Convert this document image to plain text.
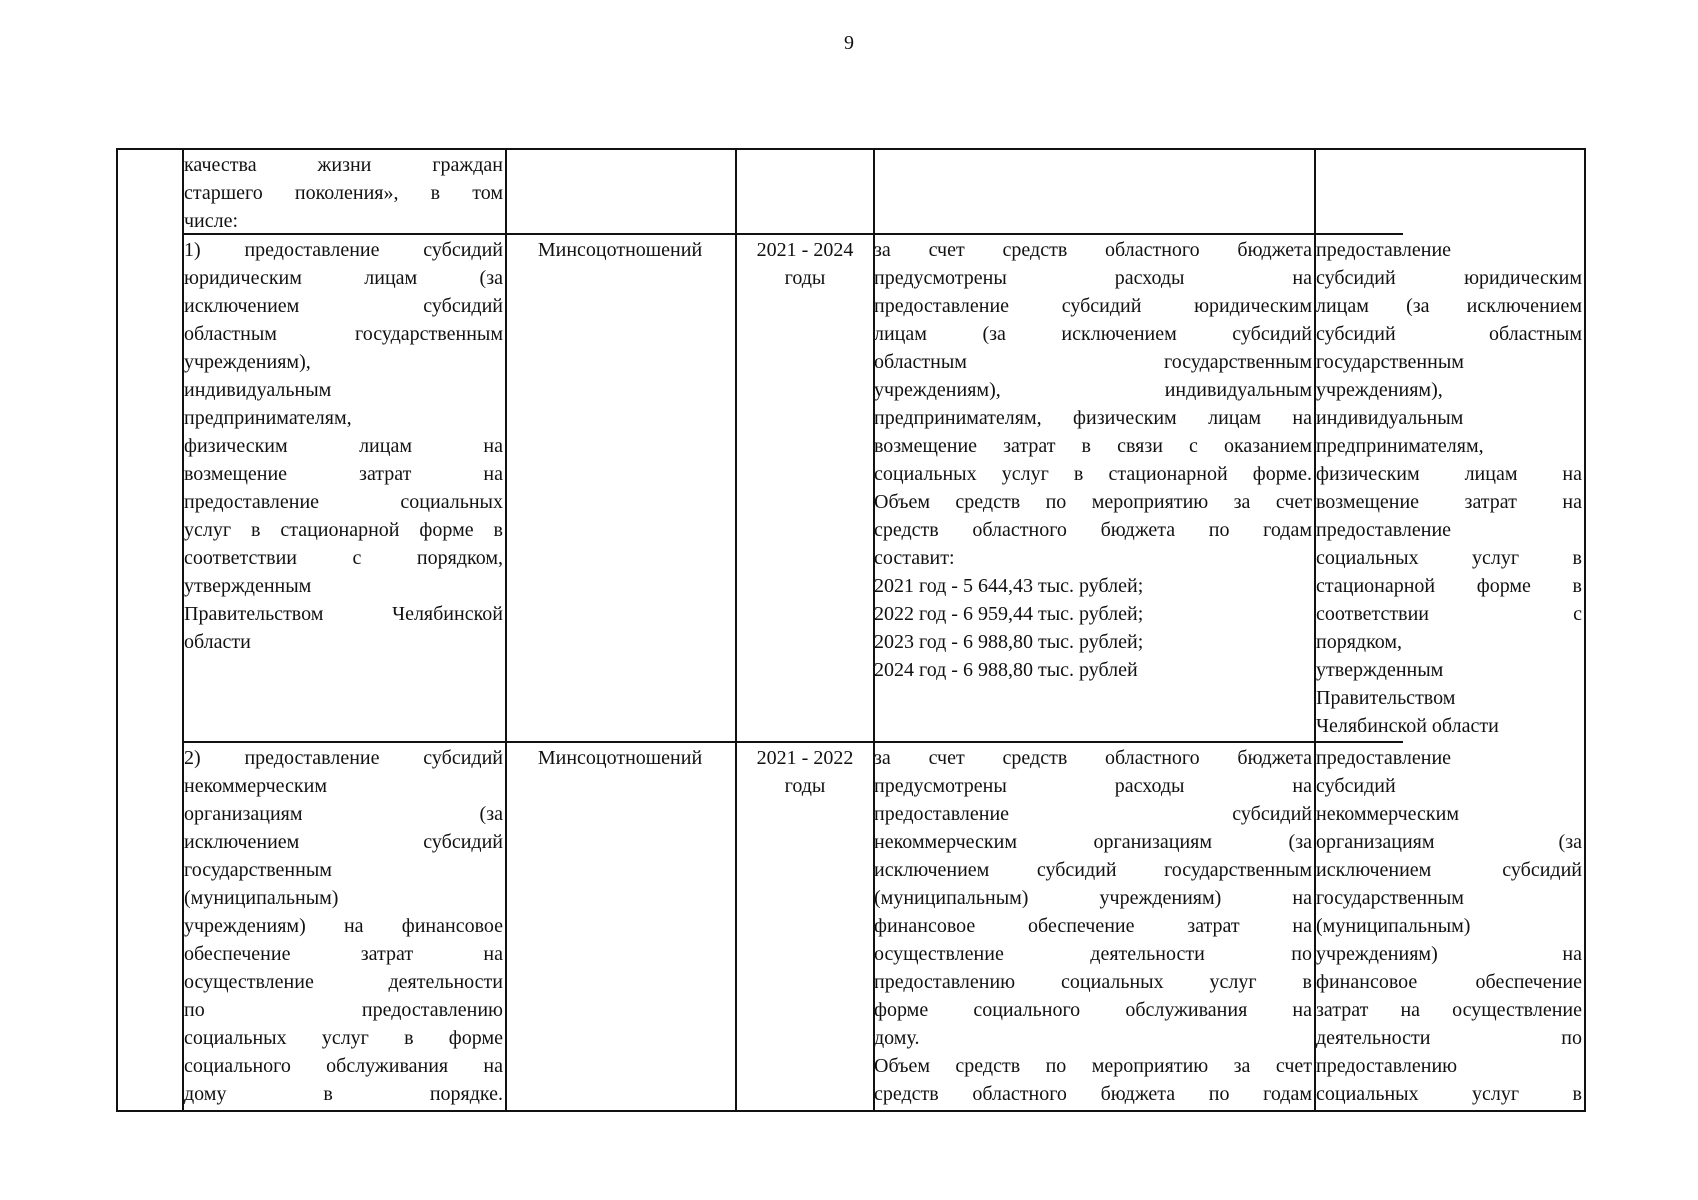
9
качества жизни граждан
старшего поколения», в том
числе:
1) предоставление субсидий
юридическим лицам (за
исключением субсидий
областным государственным
учреждениям),
индивидуальным
предпринимателям,
физическим лицам на
возмещение затрат на
предоставление социальных
услуг в стационарной форме в
соответствии с порядком,
утвержденным
Правительством Челябинской
области
Минсоцотношений	2021 - 2024
годы
за счет средств областного бюджета
предусмотрены расходы на
предоставление субсидий юридическим
лицам (за исключением субсидий
областным государственным
учреждениям), индивидуальным
предпринимателям, физическим лицам на
возмещение затрат в связи с оказанием
социальных услуг в стационарной форме.
Объем средств по мероприятию за счет
средств областного бюджета по годам
составит:
2021 год - 5 644,43 тыс. рублей;
2022 год - 6 959,44 тыс. рублей;
2023 год - 6 988,80 тыс. рублей;
2024 год - 6 988,80 тыс. рублей
предоставление
субсидий юридическим
лицам (за исключением
субсидий областным
государственным
учреждениям),
индивидуальным
предпринимателям,
физическим лицам на
возмещение затрат на
предоставление
социальных услуг в
стационарной форме в
соответствии с
порядком,
утвержденным
Правительством
Челябинской области
2) предоставление субсидий
некоммерческим
организациям (за
исключением субсидий
государственным
(муниципальным)
учреждениям) на финансовое
обеспечение затрат на
осуществление деятельности
по предоставлению
социальных услуг в форме
социального обслуживания на
дому в порядке.
Минсоцотношений	2021 - 2022
годы
за счет средств областного бюджета
предусмотрены расходы на
предоставление субсидий
некоммерческим организациям (за
исключением субсидий государственным
(муниципальным) учреждениям) на
финансовое обеспечение затрат на
осуществление деятельности по
предоставлению социальных услуг в
форме социального обслуживания на
дому.
Объем средств по мероприятию за счет
средств областного бюджета по годам
предоставление
субсидий
некоммерческим
организациям (за
исключением субсидий
государственным
(муниципальным)
учреждениям) на
финансовое обеспечение
затрат на осуществление
деятельности по
предоставлению
социальных услуг в
